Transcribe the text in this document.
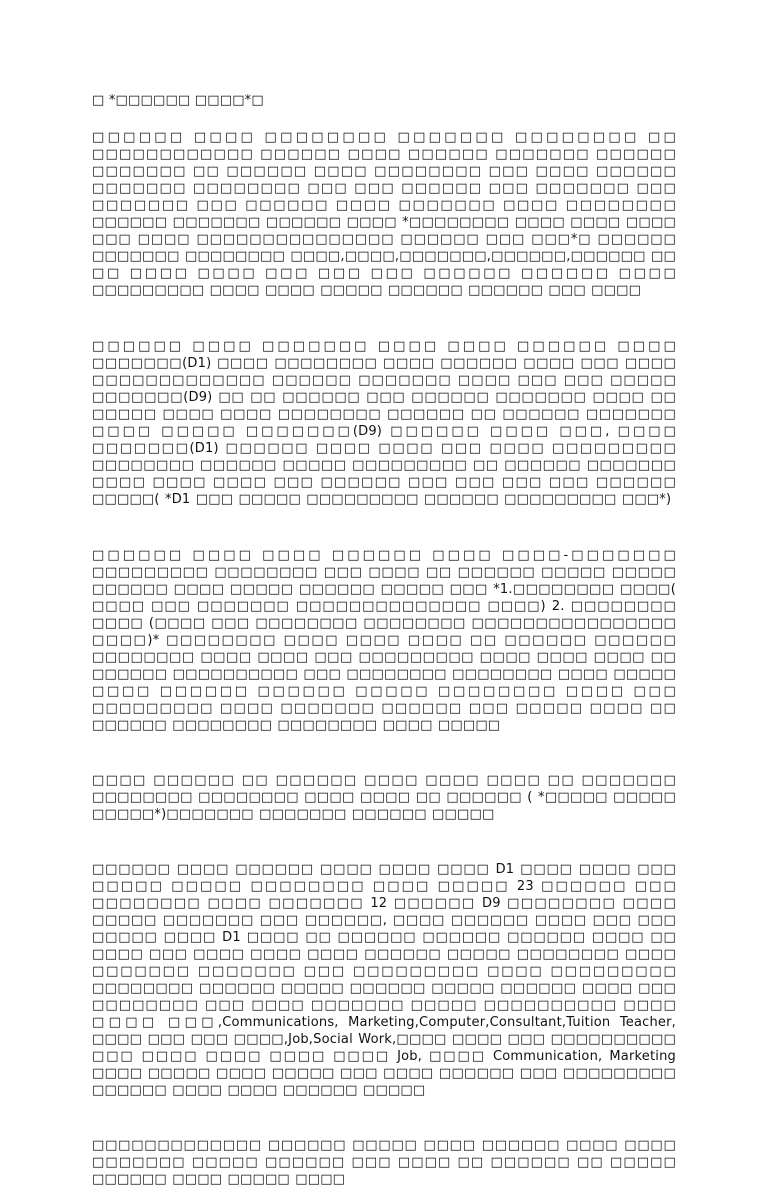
□ *□□□□□□ □□□□*□

□□□□□□ □□□□ □□□□□□□□ □□□□□□□ □□□□□□□□ □□ □□□□□□□□□□□□ □□□□□□ □□□□ □□□□□□ □□□□□□□ □□□□□□ □□□□□□□ □□ □□□□□□ □□□□ □□□□□□□□ □□□ □□□□ □□□□□□ □□□□□□□ □□□□□□□□ □□□ □□□ □□□□□□ □□□ □□□□□□□ □□□ □□□□□□□ □□□ □□□□□□ □□□□ □□□□□□□ □□□□ □□□□□□□□ □□□□□□ □□□□□□□ □□□□□□ □□□□ *□□□□□□□□ □□□□ □□□□ □□□□ □□□ □□□□ □□□□□□□□□□□□□□□ □□□□□□ □□□ □□□*□ □□□□□□ □□□□□□□ □□□□□□□□ □□□□,□□□□,□□□□□□□,□□□□□□,□□□□□□ □□ □□ □□□□ □□□□ □□□ □□□ □□□ □□□□□□ □□□□□□ □□□□ □□□□□□□□□ □□□□ □□□□ □□□□□ □□□□□□ □□□□□□ □□□ □□□□

□□□□□□ □□□□ □□□□□□□ □□□□ □□□□ □□□□□□ □□□□ □□□□□□□(D1) □□□□ □□□□□□□□ □□□□ □□□□□□ □□□□ □□□ □□□□ □□□□□□□□□□□□□ □□□□□□ □□□□□□□ □□□□ □□□ □□□ □□□□□ □□□□□□□(D9) □□ □□ □□□□□□ □□□ □□□□□□ □□□□□□□ □□□□ □□ □□□□□ □□□□ □□□□ □□□□□□□□ □□□□□□ □□ □□□□□□ □□□□□□□ □□□□ □□□□□ □□□□□□□(D9) □□□□□□ □□□□ □□□, □□□□ □□□□□□□(D1) □□□□□□ □□□□ □□□□ □□□ □□□□ □□□□□□□□□ □□□□□□□□ □□□□□□ □□□□□ □□□□□□□□□ □□ □□□□□□ □□□□□□□ □□□□ □□□□ □□□□ □□□ □□□□□□ □□□ □□□ □□□ □□□ □□□□□□ □□□□□( *D1 □□□ □□□□□ □□□□□□□□□ □□□□□□ □□□□□□□□□ □□□*)

□□□□□□ □□□□ □□□□ □□□□□□ □□□□ □□□□-□□□□□□□ □□□□□□□□□ □□□□□□□□ □□□ □□□□ □□ □□□□□□ □□□□□ □□□□□ □□□□□□ □□□□ □□□□□ □□□□□□ □□□□□ □□□ *1.□□□□□□□□ □□□□( □□□□ □□□ □□□□□□□ □□□□□□□□□□□□□□ □□□□) 2. □□□□□□□□ □□□□ (□□□□ □□□ □□□□□□□□ □□□□□□□□ □□□□□□□□□□□□□□□□ □□□□)* □□□□□□□□ □□□□ □□□□ □□□□ □□ □□□□□□ □□□□□□ □□□□□□□□ □□□□ □□□□ □□□ □□□□□□□□□ □□□□ □□□□ □□□□ □□ □□□□□□ □□□□□□□□□□ □□□ □□□□□□□□ □□□□□□□□ □□□□ □□□□□ □□□□ □□□□□□ □□□□□□ □□□□□ □□□□□□□□ □□□□ □□□ □□□□□□□□□ □□□□ □□□□□□□ □□□□□□ □□□ □□□□□ □□□□ □□ □□□□□□ □□□□□□□□ □□□□□□□□ □□□□ □□□□□

□□□□ □□□□□□ □□ □□□□□□ □□□□ □□□□ □□□□ □□ □□□□□□□ □□□□□□□□ □□□□□□□□ □□□□ □□□□ □□ □□□□□□ ( *□□□□□ □□□□□ □□□□□*)□□□□□□□ □□□□□□□ □□□□□□ □□□□□

□□□□□□ □□□□ □□□□□□ □□□□ □□□□ □□□□ D1 □□□□ □□□□ □□□ □□□□□ □□□□□ □□□□□□□□ □□□□ □□□□□ 23 □□□□□□ □□□ □□□□□□□□ □□□□ □□□□□□□ 12 □□□□□□ D9 □□□□□□□□ □□□□ □□□□□ □□□□□□□ □□□ □□□□□□, □□□□ □□□□□□ □□□□ □□□ □□□ □□□□□ □□□□ D1 □□□□ □□ □□□□□□ □□□□□□ □□□□□□ □□□□ □□ □□□□ □□□ □□□□ □□□□ □□□□ □□□□□□ □□□□□ □□□□□□□□ □□□□ □□□□□□□ □□□□□□□ □□□ □□□□□□□□□ □□□□ □□□□□□□□□ □□□□□□□□ □□□□□□ □□□□□ □□□□□□ □□□□□ □□□□□□ □□□□ □□□ □□□□□□□□ □□□ □□□□ □□□□□□□ □□□□□ □□□□□□□□□□ □□□□ □□□□ □□□,Communications, Marketing,Computer,Consultant,Tuition Teacher, □□□□ □□□ □□□ □□□□,Job,Social Work,□□□□ □□□□ □□□ □□□□□□□□□□ □□□ □□□□ □□□□ □□□□ □□□□ Job, □□□□ Communication, Marketing □□□□ □□□□□ □□□□ □□□□□ □□□ □□□□ □□□□□□ □□□ □□□□□□□□□ □□□□□□ □□□□ □□□□ □□□□□□ □□□□□

□□□□□□□□□□□□□ □□□□□□ □□□□□ □□□□ □□□□□□ □□□□ □□□□ □□□□□□□ □□□□□ □□□□□□ □□□ □□□□ □□ □□□□□□ □□ □□□□□ □□□□□□ □□□□ □□□□□ □□□□
